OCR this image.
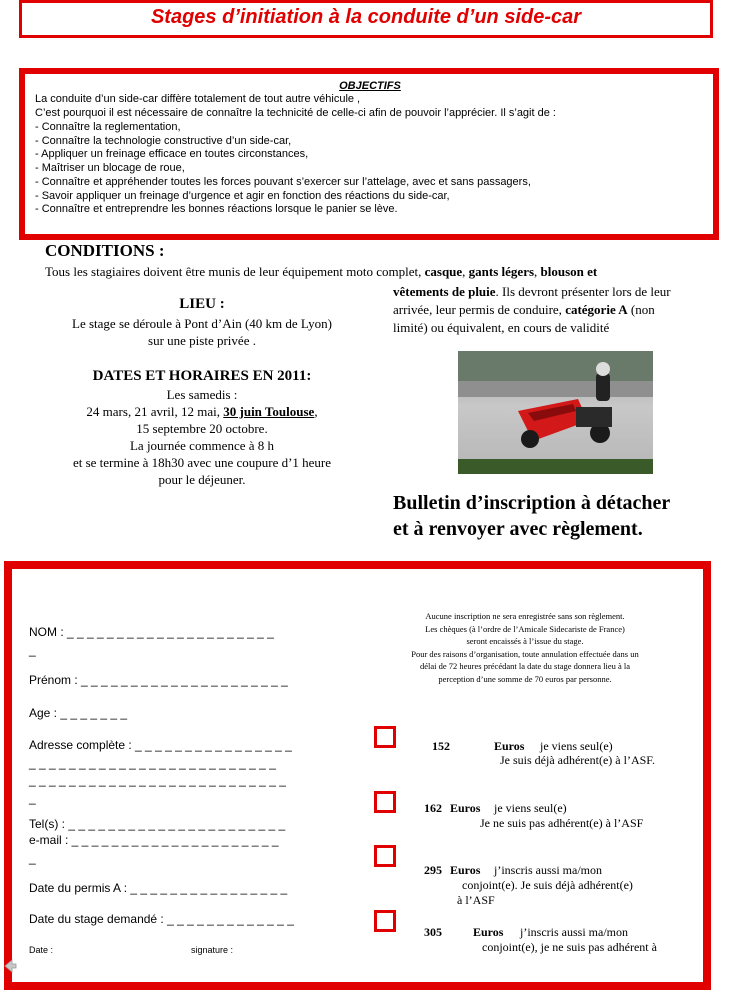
Stages d’initiation à la conduite d’un side-car
OBJECTIFS
La conduite d’un side-car diffère totalement de tout autre véhicule ,
C’est pourquoi il est nécessaire de connaître la technicité de celle-ci afin de pouvoir l’apprécier. Il s’agit de :
- Connaître la reglementation,
- Connaître la technologie constructive d’un side-car,
- Appliquer un freinage efficace en toutes circonstances,
- Maîtriser un blocage de roue,
- Connaître et appréhender toutes les forces pouvant s’exercer sur l’attelage, avec et sans passagers,
- Savoir appliquer un freinage d’urgence et agir en fonction des réactions du side-car,
- Connaître et entreprendre les bonnes réactions lorsque le panier se lève.
CONDITIONS :
Tous les stagiaires doivent être munis de leur équipement moto complet, casque, gants légers, blouson et
vêtements de pluie. Ils devront présenter lors de leur
arrivée, leur permis de conduire, catégorie A (non
limité) ou équivalent, en cours de validité
LIEU :
Le stage se déroule à Pont d’Ain (40 km de Lyon)
sur une piste privée .
DATES ET HORAIRES EN 2011:
Les samedis :
24 mars, 21 avril, 12 mai, 30 juin Toulouse,
15 septembre 20 octobre.
La journée commence à 8 h
et se termine à 18h30 avec une coupure d’1 heure
pour le déjeuner.
Bulletin d’inscription à détacher
et à renvoyer avec règlement.
NOM : _ _ _ _ _ _ _ _ _ _ _ _ _ _ _ _ _ _ _ _ _
_
Prénom : _ _ _ _ _ _ _ _ _ _ _ _ _ _ _ _ _ _ _ _ _
Age : _ _ _ _ _ _ _
Adresse complète : _ _ _ _ _ _ _ _ _ _ _ _ _ _ _ _
_ _ _ _ _ _ _ _ _ _ _ _ _ _ _ _ _ _ _ _ _ _ _ _ _
_ _ _ _ _ _ _ _ _ _ _ _ _ _ _ _ _ _ _ _ _ _ _ _ _ _
_
Tel(s) : _ _ _ _ _ _ _ _ _ _ _ _ _ _ _ _ _ _ _ _ _ _
e-mail : _ _ _ _ _ _ _ _ _ _ _ _ _ _ _ _ _ _ _ _ _
_
Date du permis A : _ _ _ _ _ _ _ _ _ _ _ _ _ _ _ _
Date du stage demandé : _ _ _ _ _ _ _ _ _ _ _ _ _
Date :	signature :
Aucune inscription ne sera enregistrée sans son règlement.
Les chèques (à l’ordre de l’Amicale Sidecariste de France)
seront encaissés à l’issue du stage.
Pour des raisons d’organisation, toute annulation effectuée dans un
délai de 72 heures précédant la date du stage donnera lieu à la
perception d’une somme de 70 euros par personne.
152	Euros je viens seul(e)
Je suis déjà adhérent(e) à l’ASF.
162 Euros je viens seul(e)
Je ne suis pas adhérent(e) à l’ASF
295 Euros j’inscris aussi ma/mon
conjoint(e). Je suis déjà adhérent(e)
à l’ASF
305	Euros j’inscris aussi ma/mon
conjoint(e), je ne suis pas adhérent à
